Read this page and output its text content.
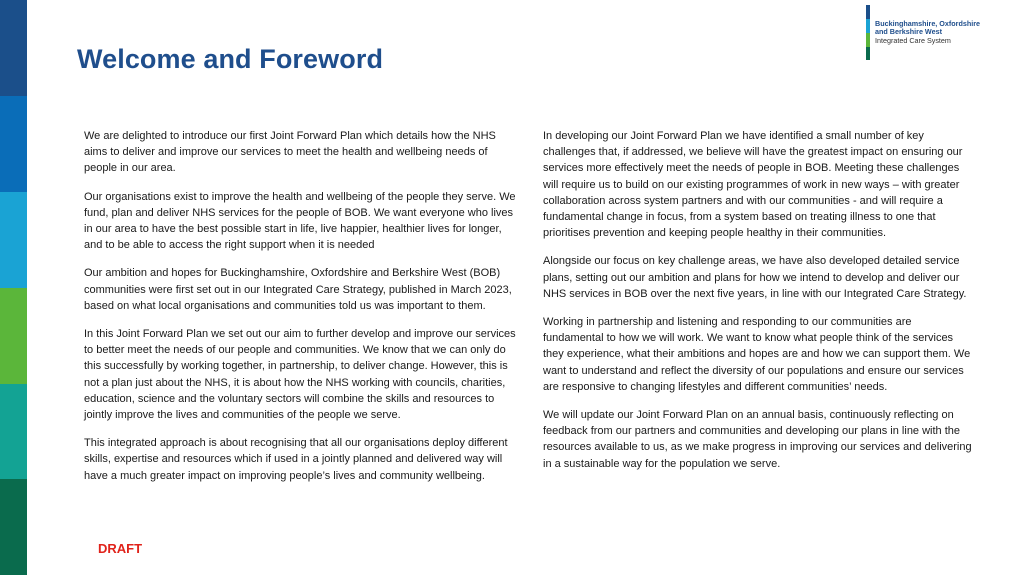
Welcome and Foreword
Buckinghamshire, Oxfordshire
and Berkshire West
Integrated Care System

We are delighted to introduce our first Joint Forward Plan which details how the NHS aims to deliver and improve our services to meet the health and wellbeing needs of people in our area.

Our organisations exist to improve the health and wellbeing of the people they serve. We fund, plan and deliver NHS services for the people of BOB. We want everyone who lives in our area to have the best possible start in life, live happier, healthier lives for longer, and to be able to access the right support when it is needed

Our ambition and hopes for Buckinghamshire, Oxfordshire and Berkshire West (BOB) communities were first set out in our Integrated Care Strategy, published in March 2023, based on what local organisations and communities told us was important to them.

In this Joint Forward Plan we set out our aim to further develop and improve our services to better meet the needs of our people and communities. We know that we can only do this successfully by working together, in partnership, to deliver change. However, this is not a plan just about the NHS, it is about how the NHS working with councils, charities, education, science and the voluntary sectors will combine the skills and resources to jointly improve the lives and communities of the people we serve.

This integrated approach is about recognising that all our organisations deploy different skills, expertise and resources which if used in a jointly planned and delivered way will have a much greater impact on improving people’s lives and community wellbeing.

In developing our Joint Forward Plan we have identified a small number of key challenges that, if addressed, we believe will have the greatest impact on ensuring our services more effectively meet the needs of people in BOB. Meeting these challenges will require us to build on our existing programmes of work in new ways – with greater collaboration across system partners and with our communities - and will require a fundamental change in focus, from a system based on treating illness to one that prioritises prevention and keeping people healthy in their communities.

Alongside our focus on key challenge areas, we have also developed detailed service plans, setting out our ambition and plans for how we intend to develop and deliver our NHS services in BOB over the next five years, in line with our Integrated Care Strategy.

Working in partnership and listening and responding to our communities are fundamental to how we will work. We want to know what people think of the services they experience, what their ambitions and hopes are and how we can support them. We want to understand and reflect the diversity of our populations and ensure our services are responsive to changing lifestyles and different communities’ needs.

We will update our Joint Forward Plan on an annual basis, continuously reflecting on feedback from our partners and communities and developing our plans in line with the resources available to us, as we make progress in improving our services and delivering in a sustainable way for the population we serve.

DRAFT
